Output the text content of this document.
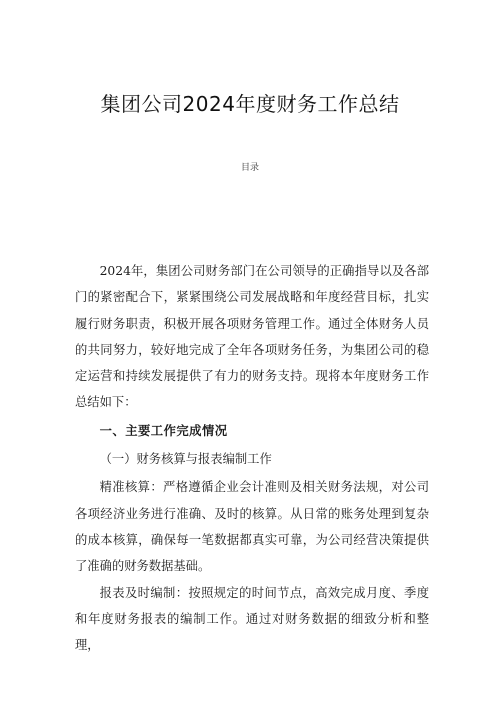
集团公司2024年度财务工作总结
目录

2024年，集团公司财务部门在公司领导的正确指导以及各部门的紧密配合下，紧紧围绕公司发展战略和年度经营目标，扎实履行财务职责，积极开展各项财务管理工作。通过全体财务人员的共同努力，较好地完成了全年各项财务任务，为集团公司的稳定运营和持续发展提供了有力的财务支持。现将本年度财务工作总结如下：

一、主要工作完成情况

（一）财务核算与报表编制工作

精准核算：严格遵循企业会计准则及相关财务法规，对公司各项经济业务进行准确、及时的核算。从日常的账务处理到复杂的成本核算，确保每一笔数据都真实可靠，为公司经营决策提供了准确的财务数据基础。

报表及时编制：按照规定的时间节点，高效完成月度、季度和年度财务报表的编制工作。通过对财务数据的细致分析和整理，
